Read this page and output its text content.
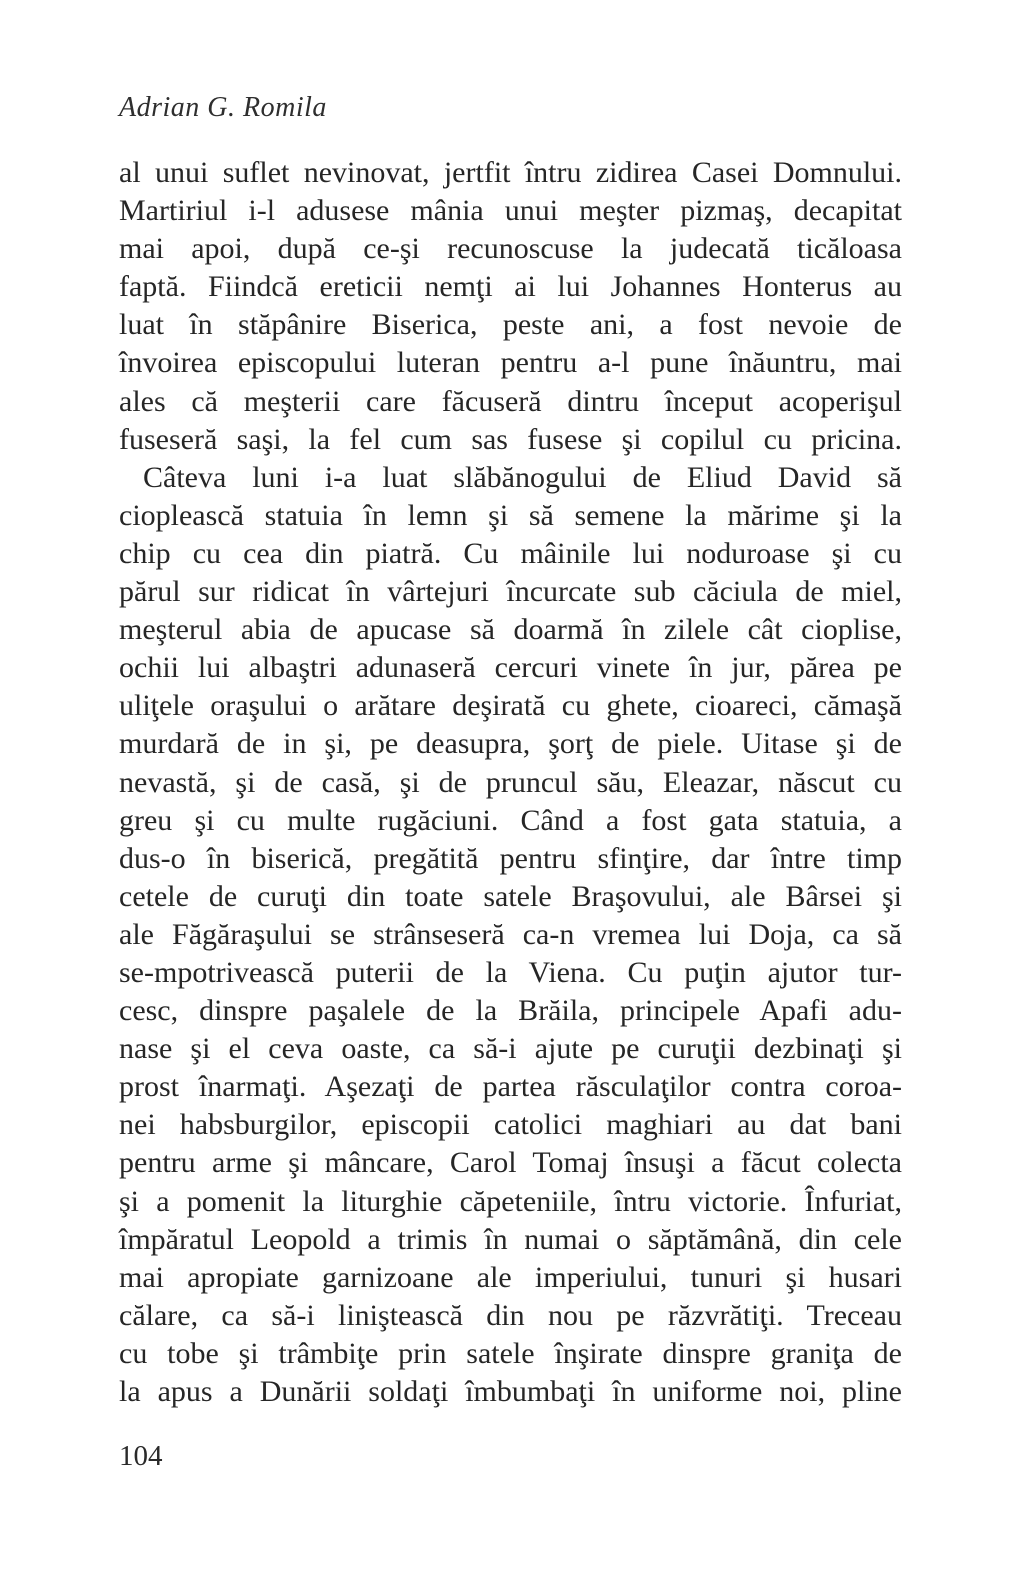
Adrian G. Romila
al unui suflet nevinovat, jertfit întru zidirea Casei Domnului.
Martiriul i-l adusese mânia unui meşter pizmaş, decapitat
mai apoi, după ce-şi recunoscuse la judecată ticăloasa
faptă. Fiindcă ereticii nemţi ai lui Johannes Honterus au
luat în stăpânire Biserica, peste ani, a fost nevoie de
învoirea episcopului luteran pentru a-l pune înăuntru, mai
ales că meşterii care făcuseră dintru început acoperişul
fuseseră saşi, la fel cum sas fusese şi copilul cu pricina.
Câteva luni i-a luat slăbănogului de Eliud David să
cioplească statuia în lemn şi să semene la mărime şi la
chip cu cea din piatră. Cu mâinile lui noduroase şi cu
părul sur ridicat în vârtejuri încurcate sub căciula de miel,
meşterul abia de apucase să doarmă în zilele cât cioplise,
ochii lui albaştri adunaseră cercuri vinete în jur, părea pe
uliţele oraşului o arătare deşirată cu ghete, cioareci, cămaşă
murdară de in şi, pe deasupra, şorţ de piele. Uitase şi de
nevastă, şi de casă, şi de pruncul său, Eleazar, născut cu
greu şi cu multe rugăciuni. Când a fost gata statuia, a
dus-o în biserică, pregătită pentru sfinţire, dar între timp
cetele de curuţi din toate satele Braşovului, ale Bârsei şi
ale Făgăraşului se strânseseră ca-n vremea lui Doja, ca să
se-mpotrivească puterii de la Viena. Cu puţin ajutor tur-
cesc, dinspre paşalele de la Brăila, principele Apafi adu-
nase şi el ceva oaste, ca să-i ajute pe curuţii dezbinaţi şi
prost înarmaţi. Aşezaţi de partea răsculaţilor contra coroa-
nei habsburgilor, episcopii catolici maghiari au dat bani
pentru arme şi mâncare, Carol Tomaj însuşi a făcut colecta
şi a pomenit la liturghie căpeteniile, întru victorie. Înfuriat,
împăratul Leopold a trimis în numai o săptămână, din cele
mai apropiate garnizoane ale imperiului, tunuri şi husari
călare, ca să-i liniştească din nou pe răzvrătiţi. Treceau
cu tobe şi trâmbiţe prin satele înşirate dinspre graniţa de
la apus a Dunării soldaţi îmbumbaţi în uniforme noi, pline
104
